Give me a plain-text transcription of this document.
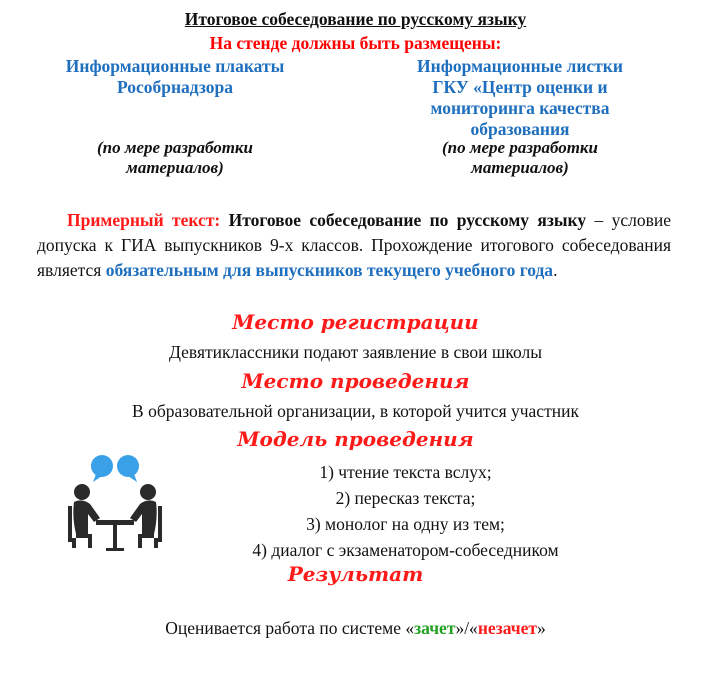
Итоговое собеседование по русскому языку
На стенде должны быть размещены:
Информационные плакаты
Рособрнадзора
Информационные листки
ГКУ «Центр оценки и
мониторинга качества
образования
(по мере разработки
материалов)
(по мере разработки
материалов)
Примерный текст: Итоговое собеседование по русскому языку – условие допуска к ГИА выпускников 9-х классов. Прохождение итогового собеседования является обязательным для выпускников текущего учебного года.
Место регистрации
Девятиклассники подают заявление в свои школы
Место проведения
В образовательной организации, в которой учится участник
Модель проведения
1) чтение текста вслух;
2) пересказ текста;
3) монолог на одну из тем;
4) диалог с экзаменатором-собеседником
Результат
Оценивается работа по системе «зачет»/«незачет»
